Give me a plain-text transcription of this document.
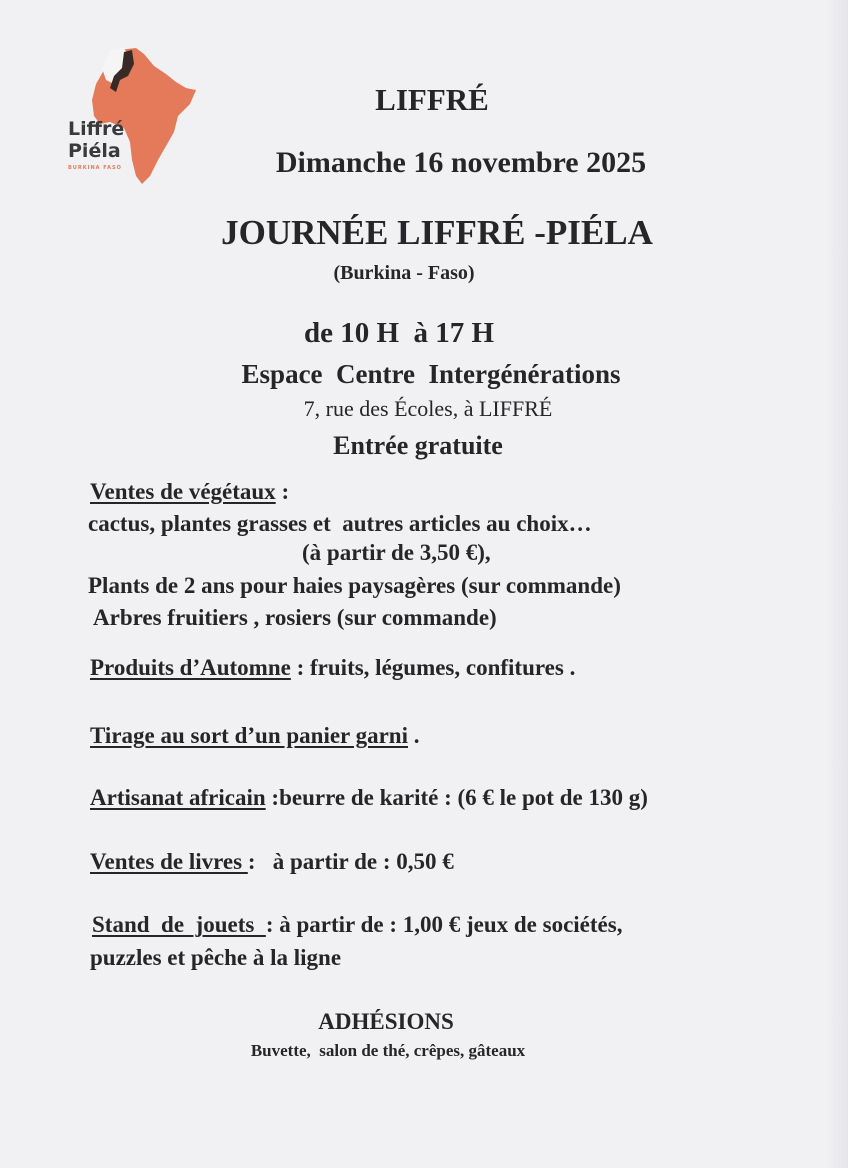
Liffré
Piéla
BURKINA FASO
LIFFRÉ
Dimanche 16 novembre 2025
JOURNÉE LIFFRÉ -PIÉLA
(Burkina - Faso)
de 10 H  à 17 H
Espace  Centre  Intergénérations
7, rue des Écoles, à LIFFRÉ
Entrée gratuite
Ventes de végétaux :
cactus, plantes grasses et  autres articles au choix…
(à partir de 3,50 €),
Plants de 2 ans pour haies paysagères (sur commande)
Arbres fruitiers , rosiers (sur commande)
Produits d’Automne : fruits, légumes, confitures .
Tirage au sort d’un panier garni .
Artisanat africain :beurre de karité : (6 € le pot de 130 g)
Ventes de livres :   à partir de : 0,50 €
Stand  de  jouets  : à partir de : 1,00 € jeux de sociétés,
puzzles et pêche à la ligne
ADHÉSIONS
Buvette,  salon de thé, crêpes, gâteaux
